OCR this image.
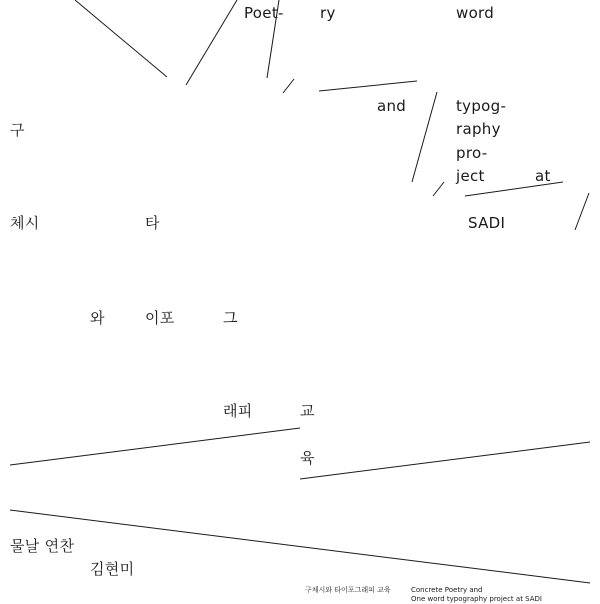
Poet- ry	word
and	typog-
raphy
pro-
ject	at
SADI
구
체시	타
와	이포	그
래피	교
육
물날 연찬
김현미
구체시와 타이포그래피 교육	Concrete Poetry and
One word typography project at SADI
